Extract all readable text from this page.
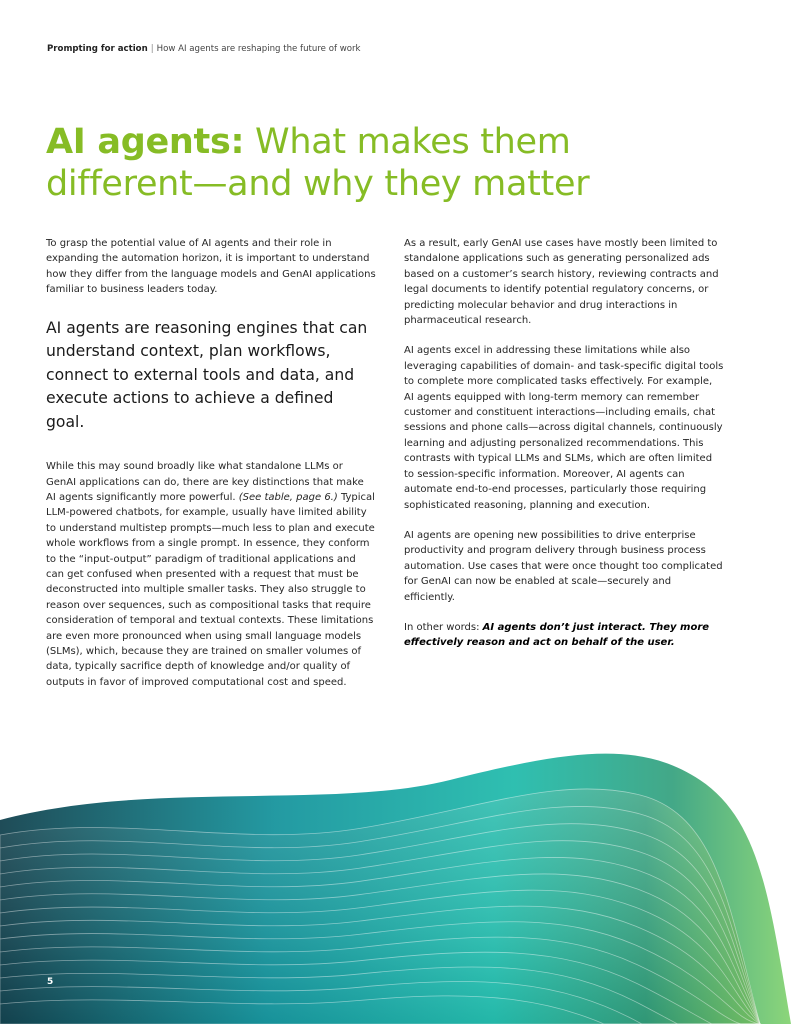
Prompting for action | How AI agents are reshaping the future of work
AI agents: What makes them different—and why they matter

To grasp the potential value of AI agents and their role in expanding the automation horizon, it is important to understand how they differ from the language models and GenAI applications familiar to business leaders today.

AI agents are reasoning engines that can understand context, plan workflows, connect to external tools and data, and execute actions to achieve a defined goal.

While this may sound broadly like what standalone LLMs or GenAI applications can do, there are key distinctions that make AI agents significantly more powerful. (See table, page 6.) Typical LLM-powered chatbots, for example, usually have limited ability to understand multistep prompts—much less to plan and execute whole workflows from a single prompt. In essence, they conform to the “input-output” paradigm of traditional applications and can get confused when presented with a request that must be deconstructed into multiple smaller tasks. They also struggle to reason over sequences, such as compositional tasks that require consideration of temporal and textual contexts. These limitations are even more pronounced when using small language models (SLMs), which, because they are trained on smaller volumes of data, typically sacrifice depth of knowledge and/or quality of outputs in favor of improved computational cost and speed.

As a result, early GenAI use cases have mostly been limited to standalone applications such as generating personalized ads based on a customer’s search history, reviewing contracts and legal documents to identify potential regulatory concerns, or predicting molecular behavior and drug interactions in pharmaceutical research.

AI agents excel in addressing these limitations while also leveraging capabilities of domain- and task-specific digital tools to complete more complicated tasks effectively. For example, AI agents equipped with long-term memory can remember customer and constituent interactions—including emails, chat sessions and phone calls—across digital channels, continuously learning and adjusting personalized recommendations. This contrasts with typical LLMs and SLMs, which are often limited to session-specific information. Moreover, AI agents can automate end-to-end processes, particularly those requiring sophisticated reasoning, planning and execution.

AI agents are opening new possibilities to drive enterprise productivity and program delivery through business process automation. Use cases that were once thought too complicated for GenAI can now be enabled at scale—securely and efficiently.

In other words: AI agents don’t just interact. They more effectively reason and act on behalf of the user.

5
